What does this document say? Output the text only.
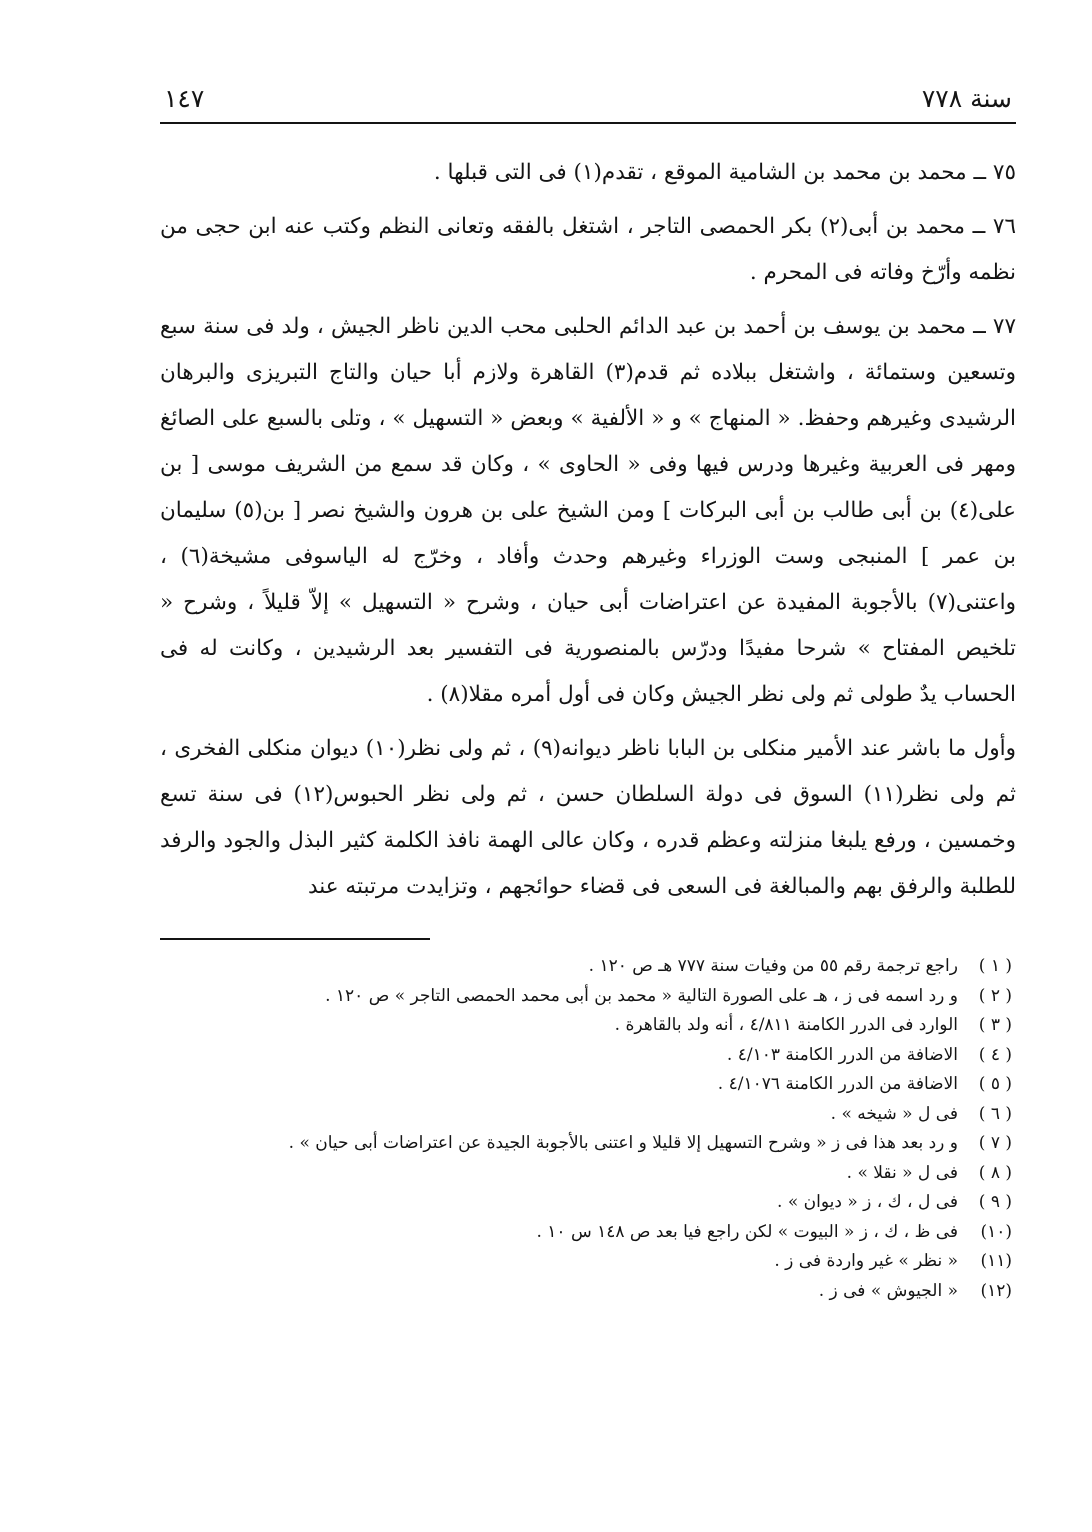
سنة ٧٧٨
١٤٧

٧٥ ــ محمد بن محمد بن الشامية الموقع ، تقدم(١) فى التى قبلها .

٧٦ ــ محمد بن أبى(٢) بكر الحمصى التاجر ، اشتغل بالفقه وتعانى النظم وكتب عنه ابن حجى من نظمه وأرّخ وفاته فى المحرم .

٧٧ ــ محمد بن يوسف بن أحمد بن عبد الدائم الحلبى محب الدين ناظر الجيش ، ولد فى سنة سبع وتسعين وستمائة ، واشتغل ببلاده ثم قدم(٣) القاهرة ولازم أبا حيان والتاج التبريزى والبرهان الرشيدى وغيرهم وحفظ. « المنهاج » و « الألفية » وبعض « التسهيل » ، وتلى بالسبع على الصائغ ومهر فى العربية وغيرها ودرس فيها وفى « الحاوى » ، وكان قد سمع من الشريف موسى [ بن على(٤) بن أبى طالب بن أبى البركات ] ومن الشيخ على بن هرون والشيخ نصر [ بن(٥) سليمان بن عمر ] المنبجى وست الوزراء وغيرهم وحدث وأفاد ، وخرّج له الياسوفى مشيخة(٦) ، واعتنى(٧) بالأجوبة المفيدة عن اعتراضات أبى حيان ، وشرح « التسهيل » إلاّ قليلاً ، وشرح « تلخيص المفتاح » شرحا مفيدًا ودرّس بالمنصورية فى التفسير بعد الرشيدين ، وكانت له فى الحساب يدٌ طولى ثم ولى نظر الجيش وكان فى أول أمره مقلا(٨) .

وأول ما باشر عند الأمير منكلى بن البابا ناظر ديوانه(٩) ، ثم ولى نظر(١٠) ديوان منكلى الفخرى ، ثم ولى نظر(١١) السوق فى دولة السلطان حسن ، ثم ولى نظر الحبوس(١٢) فى سنة تسع وخمسين ، ورفع يلبغا منزلته وعظم قدره ، وكان عالى الهمة نافذ الكلمة كثير البذل والجود والرفد للطلبة والرفق بهم والمبالغة فى السعى فى قضاء حوائجهم ، وتزايدت مرتبته عند

( ١ )
راجع ترجمة رقم ٥٥ من وفيات سنة ٧٧٧ هـ ص ١٢٠ .
( ٢ )
و رد اسمه فى ز ، هـ على الصورة التالية « محمد بن أبى محمد الحمصى التاجر » ص ١٢٠ .
( ٣ )
الوارد فى الدرر الكامنة ٤/٨١١ ، أنه ولد بالقاهرة .
( ٤ )
الاضافة من الدرر الكامنة ٤/١٠٣ .
( ٥ )
الاضافة من الدرر الكامنة ٤/١٠٧٦ .
( ٦ )
فى ل « شيخه » .
( ٧ )
و رد بعد هذا فى ز « وشرح التسهيل إلا قليلا و اعتنى بالأجوبة الجيدة عن اعتراضات أبى حيان » .
( ٨ )
فى ل « نقلا » .
( ٩ )
فى ل ، ك ، ز « ديوان » .
(١٠)
فى ظ ، ك ، ز « البيوت » لكن راجع فيا بعد ص ١٤٨ س ١٠ .
(١١)
« نظر » غير واردة فى ز .
(١٢)
« الجيوش » فى ز .
